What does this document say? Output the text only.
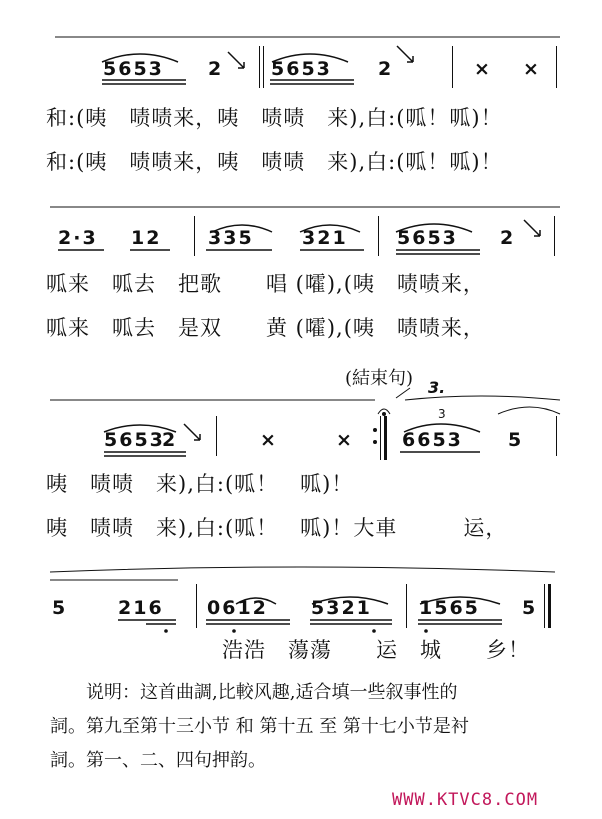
5653 2	5653 2	× ×
和:(咦　啧啧来，咦　啧啧　来),白:(呱！呱)！
和:(咦　啧啧来，咦　啧啧　来),白:(呱！呱)！
2·3 12 335	321	5653 2
呱来　呱去　把歌　　唱 (嚯),(咦　啧啧来，
呱来　呱去　是双　　黄 (嚯),(咦　啧啧来，
(結束句) 3.
3
5653
2	×	×	6653 5
咦　啧啧　来),白:(呱！　呱)！
咦　啧啧　来),白:(呱！　呱)！大車　　　运，
5	216 0612 5321 1565 5
浩浩　蕩蕩　　运　城　　乡！
说明：这首曲調,比較风趣,适合填一些叙事性的
詞。第九至第十三小节 和 第十五 至 第十七小节是衬
詞。第一、二、四句押韵。
WWW.KTVC8.COM
